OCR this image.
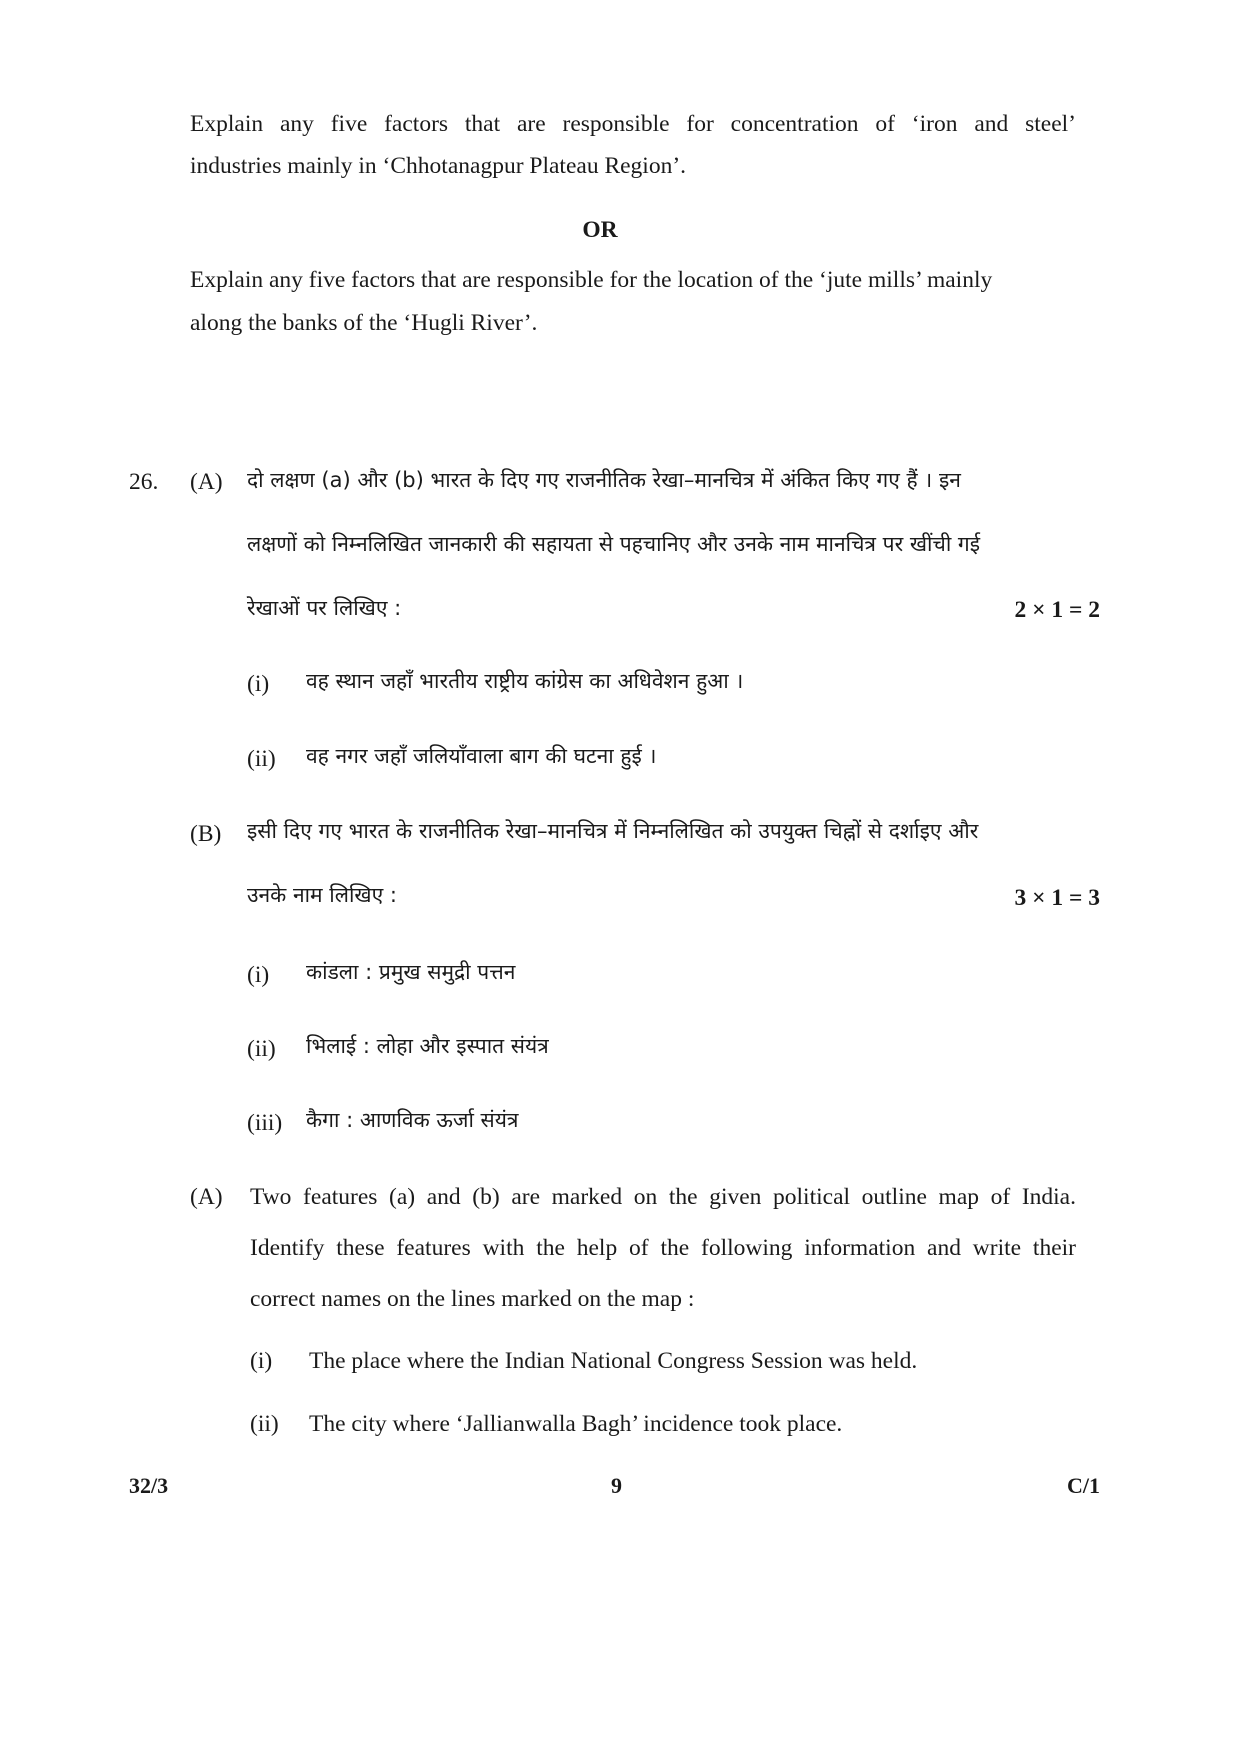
Explain any five factors that are responsible for concentration of ‘iron and steel’
industries mainly in ‘Chhotanagpur Plateau Region’.
OR
Explain any five factors that are responsible for the location of the ‘jute mills’ mainly
along the banks of the ‘Hugli River’.
26. (A) दो लक्षण (a) और (b) भारत के दिए गए राजनीतिक रेखा–मानचित्र में अंकित किए गए हैं । इन
लक्षणों को निम्नलिखित जानकारी की सहायता से पहचानिए और उनके नाम मानचित्र पर खींची गई
रेखाओं पर लिखिए :	2 × 1 = 2
(i) वह स्थान जहाँ भारतीय राष्ट्रीय कांग्रेस का अधिवेशन हुआ ।
(ii) वह नगर जहाँ जलियाँवाला बाग की घटना हुई ।
(B) इसी दिए गए भारत के राजनीतिक रेखा–मानचित्र में निम्नलिखित को उपयुक्त चिह्नों से दर्शाइए और
उनके नाम लिखिए :	3 × 1 = 3
(i) कांडला : प्रमुख समुद्री पत्तन
(ii) भिलाई : लोहा और इस्पात संयंत्र
(iii) कैगा : आणविक ऊर्जा संयंत्र
(A) Two features (a) and (b) are marked on the given political outline map of India.
Identify these features with the help of the following information and write their
correct names on the lines marked on the map :
(i) The place where the Indian National Congress Session was held.
(ii) The city where ‘Jallianwalla Bagh’ incidence took place.
32/3	9	C/1
